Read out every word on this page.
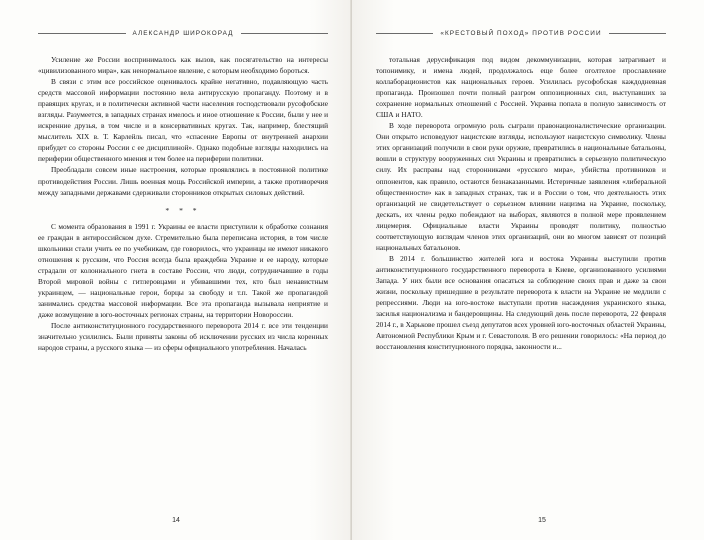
АЛЕКСАНДР ШИРОКОРАД

Усиление же России воспринималось как вызов, как посягательство на интересы «цивилизованного мира», как ненормальное явление, с которым необходимо бороться.

В связи с этим все российское оценивалось крайне негативно, подавляющую часть средств массовой информации постоянно вела антирусскую пропаганду. Поэтому и в правящих кругах, и в политически активной части населения господствовали русофобские взгляды. Разумеется, в западных странах имелось и иное отношение к России, были у нее и искренние друзья, в том числе и в консервативных кругах. Так, например, блестящий мыслитель XIX в. Т. Карлейль писал, что «спасение Европы от внутренней анархии прибудет со стороны России с ее дисциплиной». Однако подобные взгляды находились на периферии общественного мнения и тем более на периферии политики.

Преобладали совсем иные настроения, которые проявлялись в постоянной политике противодействия России. Лишь военная мощь Российской империи, а также противоречия между западными державами сдерживали сторонников открытых силовых действий.

* * *

С момента образования в 1991 г. Украины ее власти приступили к обработке сознания ее граждан в антироссийском духе. Стремительно была переписана история, в том числе школьники стали учить ее по учебникам, где говорилось, что украинцы не имеют никакого отношения к русским, что Россия всегда была враждебна Украине и ее народу, которые страдали от колониального гнета в составе России, что люди, сотрудничавшие в годы Второй мировой войны с гитлеровцами и убивавшими тех, кто был ненавистным украинцем, — национальные герои, борцы за свободу и т.п. Такой же пропагандой занимались средства массовой информации. Все эта пропаганда вызывала неприятие и даже возмущение в юго-восточных регионах страны, на территории Новороссии.

После антиконституционного государственного переворота 2014 г. все эти тенденции значительно усилились. Были приняты законы об исключении русских из числа коренных народов страны, а русского языка — из сферы официального употребления. Началась

14
«КРЕСТОВЫЙ ПОХОД» ПРОТИВ РОССИИ

тотальная дерусификация под видом декоммунизации, которая затрагивает и топонимику, и имена людей, продолжалось еще более оголтелое прославление коллаборационистов как национальных героев. Усилилась русофобская каждодневная пропаганда. Произошел почти полный разгром оппозиционных сил, выступавших за сохранение нормальных отношений с Россией. Украина попала в полную зависимость от США и НАТО.

В ходе переворота огромную роль сыграли правонационалистические организации. Они открыто исповедуют нацистские взгляды, используют нацистскую символику. Члены этих организаций получили в свои руки оружие, превратились в национальные батальоны, вошли в структуру вооруженных сил Украины и превратились в серьезную политическую силу. Их расправы над сторонниками «русского мира», убийства противников и оппонентов, как правило, остаются безнаказанными. Истеричные заявления «либеральной общественности» как в западных странах, так и в России о том, что деятельность этих организаций не свидетельствует о серьезном влиянии нацизма на Украине, поскольку, дескать, их члены редко побеждают на выборах, являются в полной мере проявлением лицемерия. Официальные власти Украины проводят политику, полностью соответствующую взглядам членов этих организаций, они во многом зависят от позиций национальных батальонов.

В 2014 г. большинство жителей юга и востока Украины выступили против антиконституционного государственного переворота в Киеве, организованного усилиями Запада. У них были все основания опасаться за соблюдение своих прав и даже за свои жизни, поскольку пришедшие в результате переворота к власти на Украине не медлили с репрессиями. Люди на юго-востоке выступали против насаждения украинского языка, засилья национализма и бандеровщины. На следующий день после переворота, 22 февраля 2014 г., в Харькове прошел съезд депутатов всех уровней юго-восточных областей Украины, Автономной Республики Крым и г. Севастополя. В его решении говорилось: «На период до восстановления конституционного порядка, законности и...

15
